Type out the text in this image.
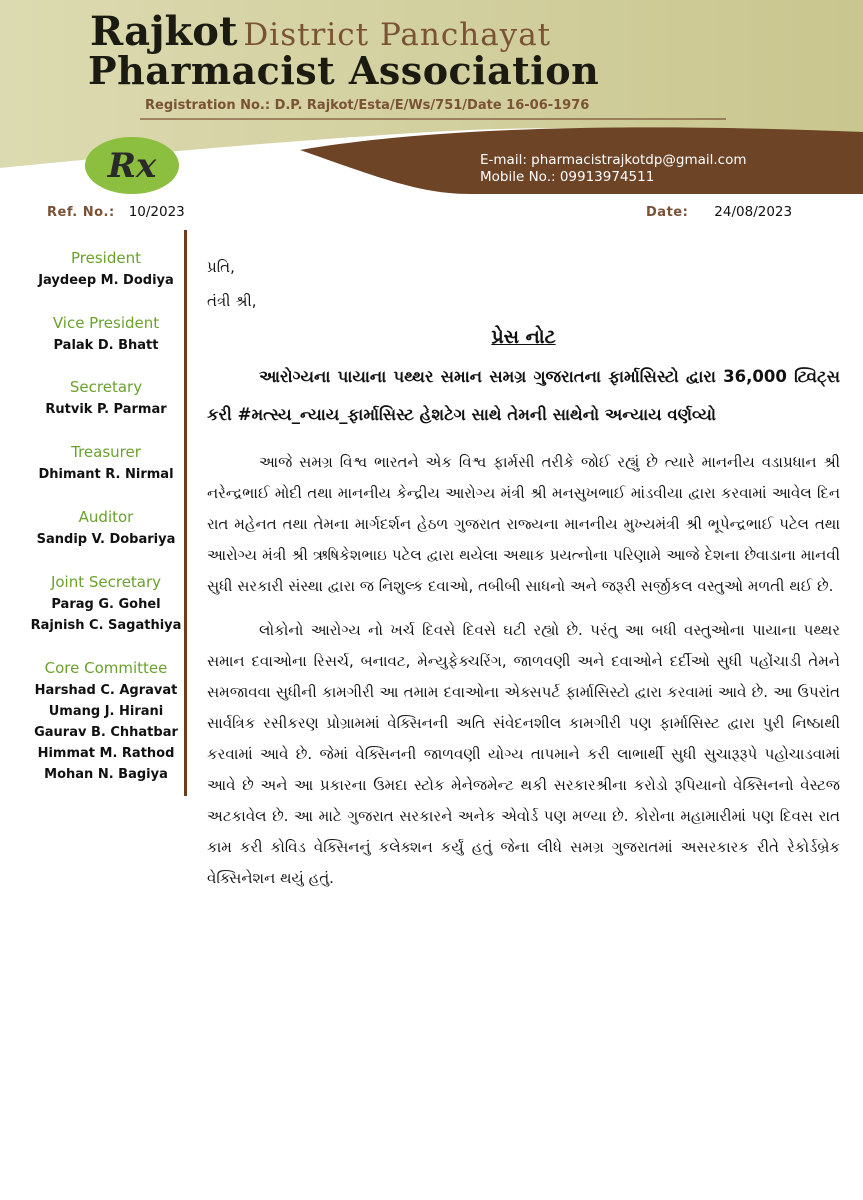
Rajkot District Panchayat
Pharmacist Association
Registration No.: D.P. Rajkot/Esta/E/Ws/751/Date 16-06-1976
Rx	E-mail: pharmacistrajkotdp@gmail.com
Mobile No.: 09913974511
Ref. No.: 10/2023	Date: 24/08/2023
President
Jaydeep M. Dodiya
Vice President
Palak D. Bhatt
Secretary
Rutvik P. Parmar
Treasurer
Dhimant R. Nirmal
Auditor
Sandip V. Dobariya
Joint Secretary
Parag G. Gohel
Rajnish C. Sagathiya
Core Committee
Harshad C. Agravat
Umang J. Hirani
Gaurav B. Chhatbar
Himmat M. Rathod
Mohan N. Bagiya
પ્રતિ,
તંત્રી શ્રી,
પ્રેસ નોટ

આરોગ્યના પાયાના પથ્થર સમાન સમગ્ર ગુજરાતના ફાર્માસિસ્ટો દ્વારા 36,000 ટ્વિટ્સ કરી #મત્સ્ય_ન્યાય_ફાર્માસિસ્ટ હેશટેગ સાથે તેમની સાથેનો અન્યાય વર્ણવ્યો

આજે સમગ્ર વિશ્વ ભારતને એક વિશ્વ ફાર્મસી તરીકે જોઈ રહ્યું છે ત્યારે માનનીય વડાપ્રધાન શ્રી નરેન્દ્રભાઈ મોદી તથા માનનીય કેન્દ્રીય આરોગ્ય મંત્રી શ્રી મનસુખભાઈ માંડવીયા દ્વારા કરવામાં આવેલ દિન રાત મહેનત તથા તેમના માર્ગદર્શન હેઠળ ગુજરાત રાજ્યના માનનીય મુખ્યમંત્રી શ્રી ભૂપેન્દ્રભાઈ પટેલ તથા આરોગ્ય મંત્રી શ્રી ઋષિકેશભાઇ પટેલ દ્વારા થયેલા અથાક પ્રયત્નોના પરિણામે આજે દેશના છેવાડાના માનવી સુધી સરકારી સંસ્થા દ્વારા જ નિશુલ્ક દવાઓ, તબીબી સાધનો અને જરૂરી સર્જીકલ વસ્તુઓ મળતી થઈ છે.

લોકોનો આરોગ્ય નો ખર્ચ દિવસે દિવસે ઘટી રહ્યો છે. પરંતુ આ બધી વસ્તુઓના પાયાના પથ્થર સમાન દવાઓના રિસર્ચ, બનાવટ, મેન્યુફેક્ચરિંગ, જાળવણી અને દવાઓને દર્દીઓ સુધી પહોંચાડી તેમને સમજાવવા સુધીની કામગીરી આ તમામ દવાઓના એક્સપર્ટ ફાર્માસિસ્ટો દ્વારા કરવામાં આવે છે. આ ઉપરાંત સાર્વત્રિક રસીકરણ પ્રોગ્રામમાં વેક્સિનની અતિ સંવેદનશીલ કામગીરી પણ ફાર્માસિસ્ટ દ્વારા પુરી નિષ્ઠાથી કરવામાં આવે છે. જેમાં વેક્સિનની જાળવણી યોગ્ય તાપમાને કરી લાભાર્થી સુધી સુચારૂરૂપે પહોચાડવામાં આવે છે અને આ પ્રકારના ઉમદા સ્ટોક મેનેજમેન્ટ થકી સરકારશ્રીના કરોડો રૂપિયાનો વેક્સિનનો વેસ્ટજ અટકાવેલ છે. આ માટે ગુજરાત સરકારને અનેક એવોર્ડ પણ મળ્યા છે. કોરોના મહામારીમાં પણ દિવસ રાત કામ કરી કોવિડ વેક્સિનનું કલેક્શન કર્યું હતું જેના લીધે સમગ્ર ગુજરાતમાં અસરકારક રીતે રેકોર્ડબ્રેક વેક્સિનેશન થયું હતું.
